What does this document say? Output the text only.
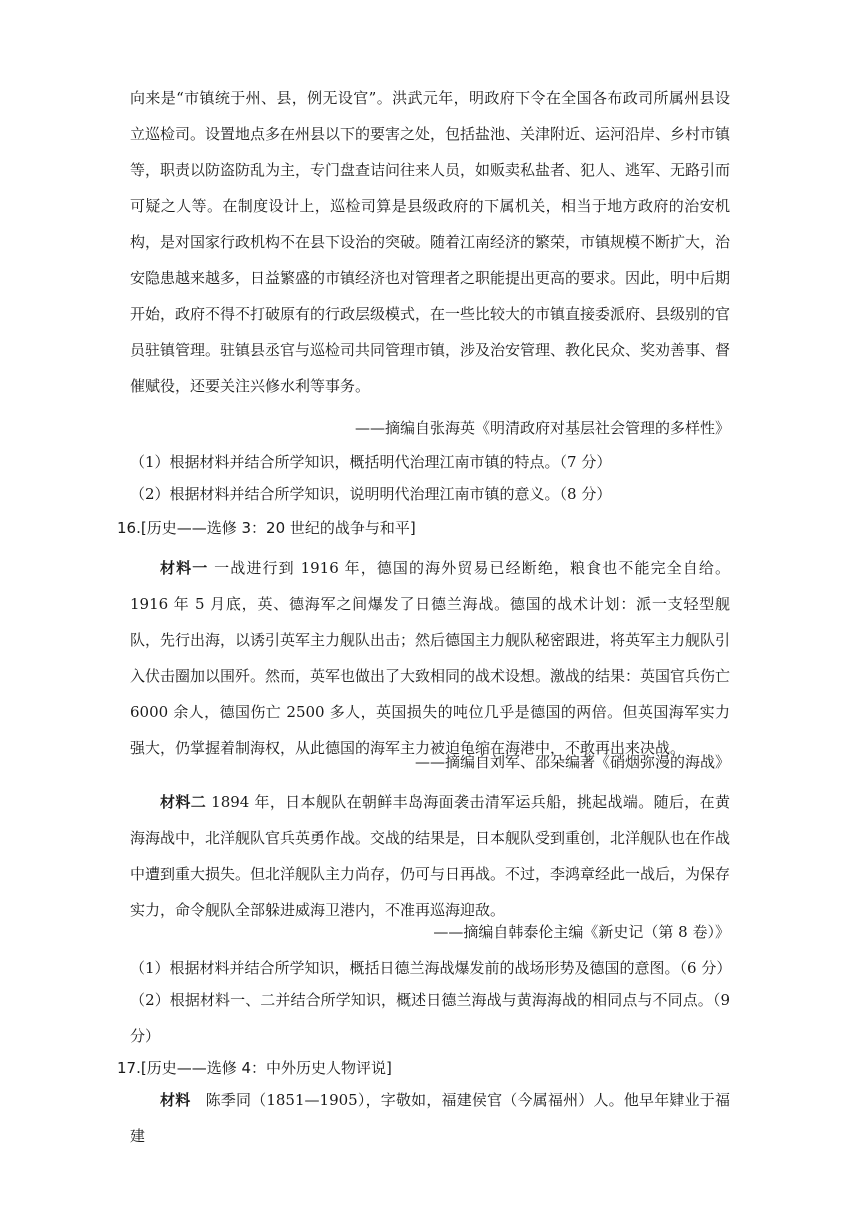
向来是“市镇统于州、县，例无设官”。洪武元年，明政府下令在全国各布政司所属州县设立巡检司。设置地点多在州县以下的要害之处，包括盐池、关津附近、运河沿岸、乡村市镇等，职责以防盗防乱为主，专门盘查诘问往来人员，如贩卖私盐者、犯人、逃军、无路引而可疑之人等。在制度设计上，巡检司算是县级政府的下属机关，相当于地方政府的治安机构，是对国家行政机构不在县下设治的突破。随着江南经济的繁荣，市镇规模不断扩大，治安隐患越来越多，日益繁盛的市镇经济也对管理者之职能提出更高的要求。因此，明中后期开始，政府不得不打破原有的行政层级模式，在一些比较大的市镇直接委派府、县级别的官员驻镇管理。驻镇县丞官与巡检司共同管理市镇，涉及治安管理、教化民众、奖劝善事、督催赋役，还要关注兴修水利等事务。

——摘编自张海英《明清政府对基层社会管理的多样性》

（1）根据材料并结合所学知识，概括明代治理江南市镇的特点。（7 分）

（2）根据材料并结合所学知识，说明明代治理江南市镇的意义。（8 分）

16.[历史——选修 3：20 世纪的战争与和平]

材料一 一战进行到 1916 年，德国的海外贸易已经断绝，粮食也不能完全自给。1916 年 5 月底，英、德海军之间爆发了日德兰海战。德国的战术计划：派一支轻型舰队，先行出海，以诱引英军主力舰队出击；然后德国主力舰队秘密跟进，将英军主力舰队引入伏击圈加以围歼。然而，英军也做出了大致相同的战术设想。激战的结果：英国官兵伤亡 6000 余人，德国伤亡 2500 多人，英国损失的吨位几乎是德国的两倍。但英国海军实力强大，仍掌握着制海权，从此德国的海军主力被迫龟缩在海港中，不敢再出来决战。

——摘编自刘军、邵朵编著《硝烟弥漫的海战》

材料二 1894 年，日本舰队在朝鲜丰岛海面袭击清军运兵船，挑起战端。随后，在黄海海战中，北洋舰队官兵英勇作战。交战的结果是，日本舰队受到重创，北洋舰队也在作战中遭到重大损失。但北洋舰队主力尚存，仍可与日再战。不过，李鸿章经此一战后，为保存实力，命令舰队全部躲进威海卫港内，不准再巡海迎敌。

——摘编自韩泰伦主编《新史记（第 8 卷）》

（1）根据材料并结合所学知识，概括日德兰海战爆发前的战场形势及德国的意图。（6 分）

（2）根据材料一、二并结合所学知识，概述日德兰海战与黄海海战的相同点与不同点。（9 分）

17.[历史——选修 4：中外历史人物评说]

材料　陈季同（1851—1905），字敬如，福建侯官（今属福州）人。他早年肄业于福建
